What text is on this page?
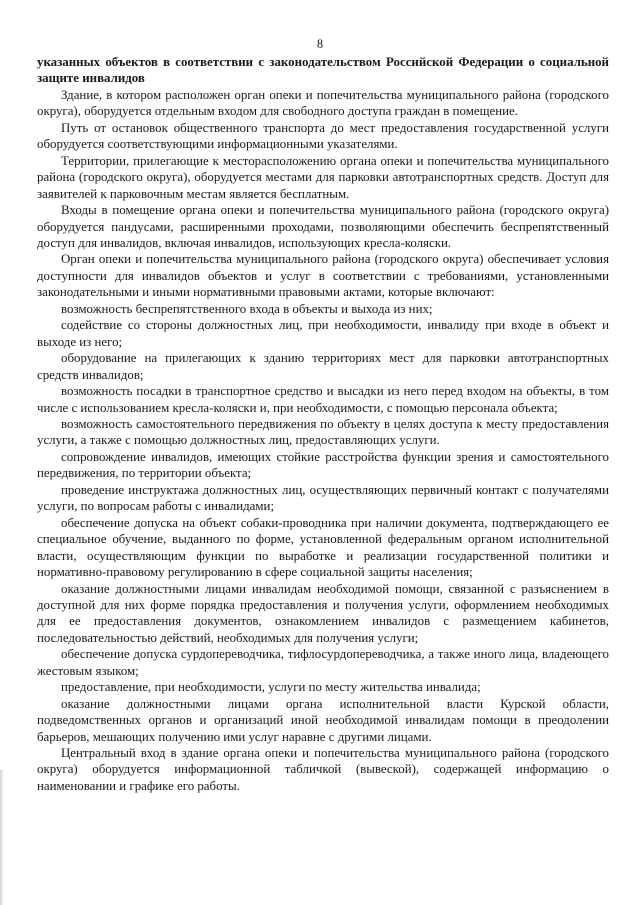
8

указанных объектов в соответствии с законодательством Российской Федерации о социальной защите инвалидов

Здание, в котором расположен орган опеки и попечительства муниципального района (городского округа), оборудуется отдельным входом для свободного доступа граждан в помещение.

Путь от остановок общественного транспорта до мест предоставления государственной услуги оборудуется соответствующими информационными указателями.

Территории, прилегающие к месторасположению органа опеки и попечительства муниципального района (городского округа), оборудуется местами для парковки автотранспортных средств. Доступ для заявителей к парковочным местам является бесплатным.

Входы в помещение органа опеки и попечительства муниципального района (городского округа) оборудуется пандусами, расширенными проходами, позволяющими обеспечить беспрепятственный доступ для инвалидов, включая инвалидов, использующих кресла-коляски.

Орган опеки и попечительства муниципального района (городского округа) обеспечивает условия доступности для инвалидов объектов и услуг в соответствии с требованиями, установленными законодательными и иными нормативными правовыми актами, которые включают:

возможность беспрепятственного входа в объекты и выхода из них;

содействие со стороны должностных лиц, при необходимости, инвалиду при входе в объект и выходе из него;

оборудование на прилегающих к зданию территориях мест для парковки автотранспортных средств инвалидов;

возможность посадки в транспортное средство и высадки из него перед входом на объекты, в том числе с использованием кресла-коляски и, при необходимости, с помощью персонала объекта;

возможность самостоятельного передвижения по объекту в целях доступа к месту предоставления услуги, а также с помощью должностных лиц, предоставляющих услуги.

сопровождение инвалидов, имеющих стойкие расстройства функции зрения и самостоятельного передвижения, по территории объекта;

проведение инструктажа должностных лиц, осуществляющих первичный контакт с получателями услуги, по вопросам работы с инвалидами;

обеспечение допуска на объект собаки-проводника при наличии документа, подтверждающего ее специальное обучение, выданного по форме, установленной федеральным органом исполнительной власти, осуществляющим функции по выработке и реализации государственной политики и нормативно-правовому регулированию в сфере социальной защиты населения;

оказание должностными лицами инвалидам необходимой помощи, связанной с разъяснением в доступной для них форме порядка предоставления и получения услуги, оформлением необходимых для ее предоставления документов, ознакомлением инвалидов с размещением кабинетов, последовательностью действий, необходимых для получения услуги;

обеспечение допуска сурдопереводчика, тифлосурдопереводчика, а также иного лица, владеющего жестовым языком;

предоставление, при необходимости, услуги по месту жительства инвалида;

оказание должностными лицами органа исполнительной власти Курской области, подведомственных органов и организаций иной необходимой инвалидам помощи в преодолении барьеров, мешающих получению ими услуг наравне с другими лицами.

Центральный вход в здание органа опеки и попечительства муниципального района (городского округа) оборудуется информационной табличкой (вывеской), содержащей информацию о наименовании и графике его работы.
